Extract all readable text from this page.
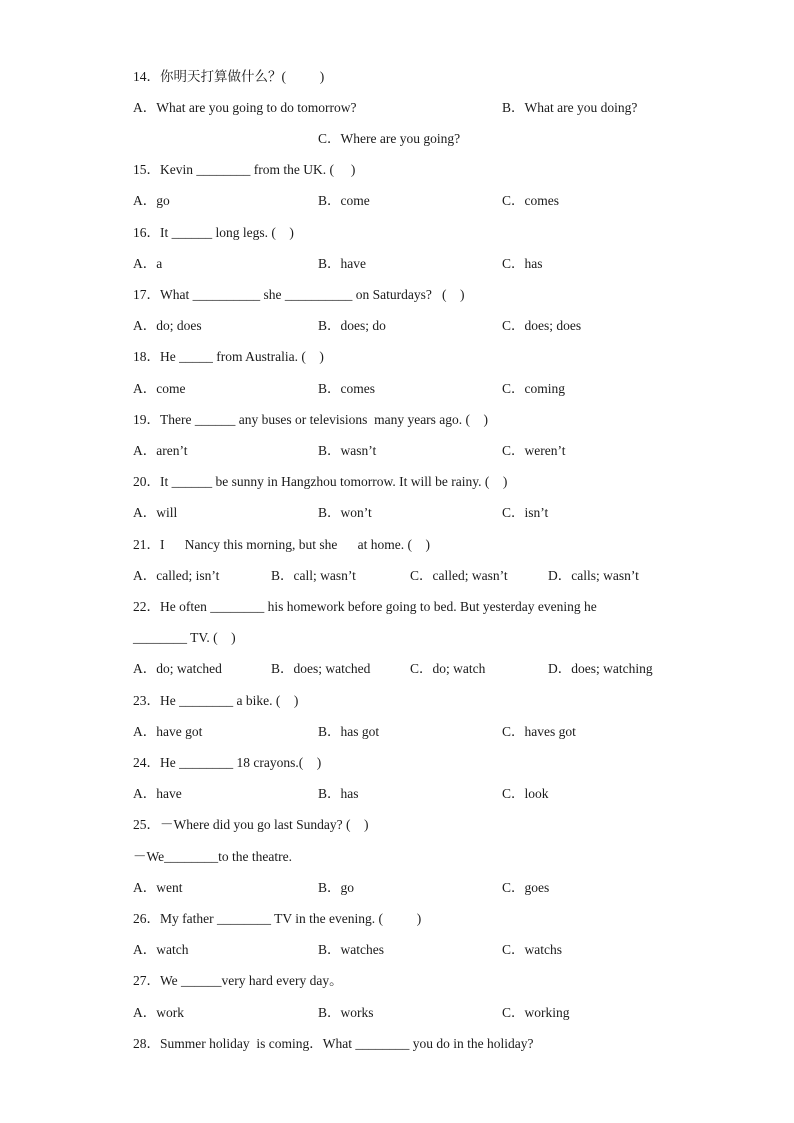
14．你明天打算做什么？(          )
A．What are you going to do tomorrow?	B．What are you doing?
C．Where are you going?
15．Kevin ________ from the UK. (     )
A．go	B．come	C．comes
16．It ______ long legs. (    )
A．a	B．have	C．has
17．What __________ she __________ on Saturdays?   (    )
A．do; does	B．does; do	C．does; does
18．He _____ from Australia. (    )
A．come	B．comes	C．coming
19．There ______ any buses or televisions  many years ago. (    )
A．aren’t	B．wasn’t	C．weren’t
20．It ______ be sunny in Hangzhou tomorrow. It will be rainy. (    )
A．will	B．won’t	C．isn’t
21．I      Nancy this morning, but she      at home. (    )
A．called; isn’t	B．call; wasn’t	C．called; wasn’t	D．calls; wasn’t
22．He often ________ his homework before going to bed. But yesterday evening he
________ TV. (    )
A．do; watched	B．does; watched	C．do; watch	D．does; watching
23．He ________ a bike. (    )
A．have got	B．has got	C．haves got
24．He ________ 18 crayons.(    )
A．have	B．has	C．look
25．－Where did you go last Sunday? (    )
－We________to the theatre.
A．went	B．go	C．goes
26．My father ________ TV in the evening. (          )
A．watch	B．watches	C．watchs
27．We ______very hard every day。
A．work	B．works	C．working
28．Summer holiday  is coming．What ________ you do in the holiday?
